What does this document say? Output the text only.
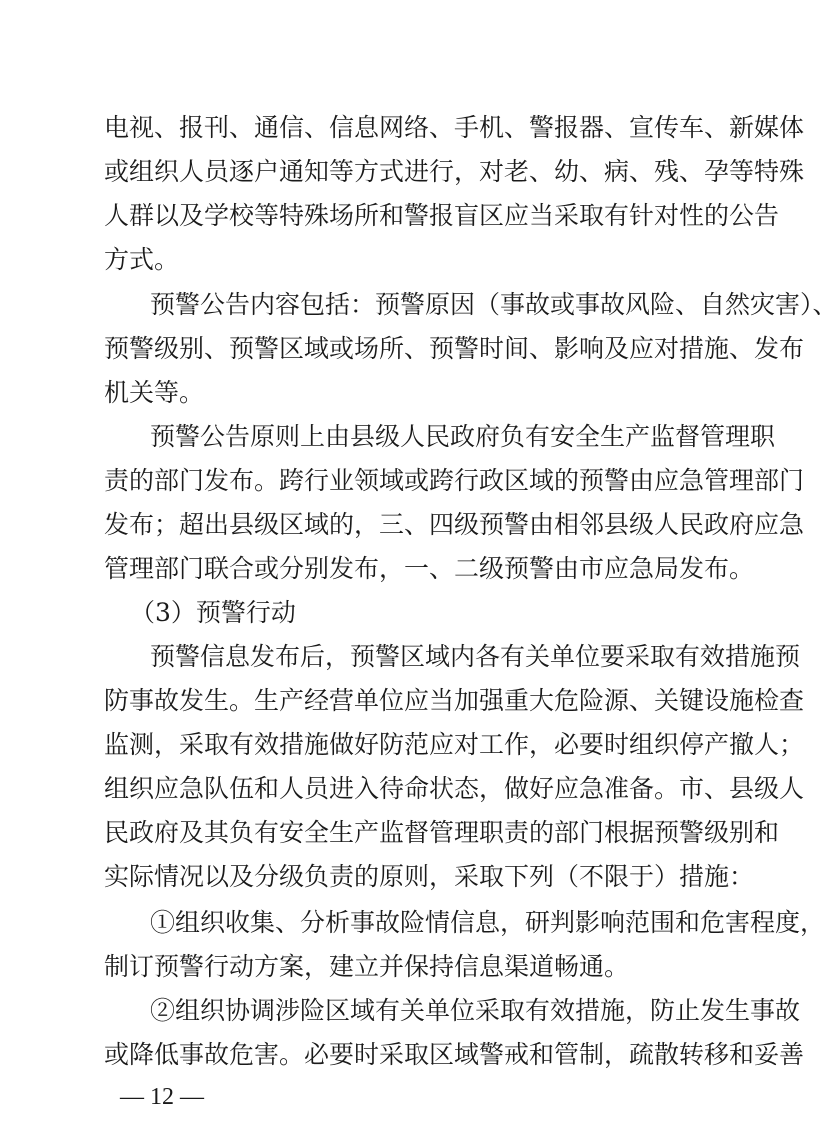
电视、报刊、通信、信息网络、手机、警报器、宣传车、新媒体
或组织人员逐户通知等方式进行，对老、幼、病、残、孕等特殊
人群以及学校等特殊场所和警报盲区应当采取有针对性的公告
方式。
预警公告内容包括：预警原因（事故或事故风险、自然灾害）、
预警级别、预警区域或场所、预警时间、影响及应对措施、发布
机关等。
预警公告原则上由县级人民政府负有安全生产监督管理职
责的部门发布。跨行业领域或跨行政区域的预警由应急管理部门
发布；超出县级区域的，三、四级预警由相邻县级人民政府应急
管理部门联合或分别发布，一、二级预警由市应急局发布。
（3）预警行动
预警信息发布后，预警区域内各有关单位要采取有效措施预
防事故发生。生产经营单位应当加强重大危险源、关键设施检查
监测，采取有效措施做好防范应对工作，必要时组织停产撤人；
组织应急队伍和人员进入待命状态，做好应急准备。市、县级人
民政府及其负有安全生产监督管理职责的部门根据预警级别和
实际情况以及分级负责的原则，采取下列（不限于）措施：
①组织收集、分析事故险情信息，研判影响范围和危害程度，
制订预警行动方案，建立并保持信息渠道畅通。
②组织协调涉险区域有关单位采取有效措施，防止发生事故
或降低事故危害。必要时采取区域警戒和管制，疏散转移和妥善
— 12 —
